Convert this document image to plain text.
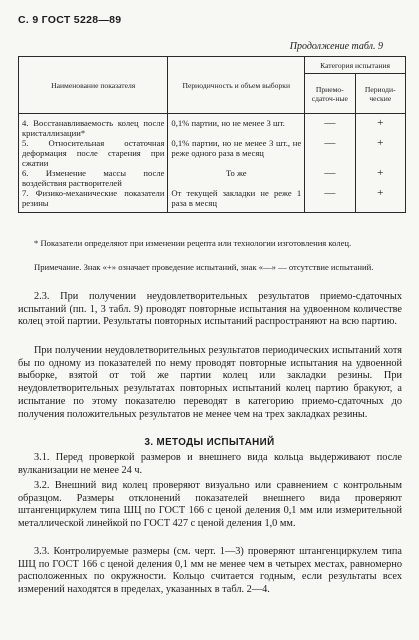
С. 9 ГОСТ 5228—89
Продолжение табл. 9
Наименование показателя	Периодичность и объем выборки	Категория испытания	
		Приемо-сдаточ-ные	Периоди-ческие
4. Восстанавливаемость колец после кристаллизации*	0,1% партии, но не менее 3 шт.	—	+
5. Относительная остаточная деформация после старения при сжатии	0,1% партии, но не менее 3 шт., не реже одного раза в месяц	—	+
6. Изменение массы после воздействия растворителей	То же	—	+
7. Физико-механические показатели резины	От текущей закладки не реже 1 раза в месяц	—	+
* Показатели определяют при изменении рецепта или технологии изготовления колец.
Примечание. Знак «+» означает проведение испытаний, знак «—» — отсутствие испытаний.
2.3. При получении неудовлетворительных результатов приемо-сдаточных испытаний (пп. 1, 3 табл. 9) проводят повторные испытания на удвоенном количестве колец этой партии. Результаты повторных испытаний распространяют на всю партию.
При получении неудовлетворительных результатов периодических испытаний хотя бы по одному из показателей по нему проводят повторные испытания на удвоенной выборке, взятой от той же партии колец или закладки резины. При неудовлетворительных результатах повторных испытаний колец партию бракуют, а испытание по этому показателю переводят в категорию приемо-сдаточных до получения положительных результатов не менее чем на трех закладках резины.
3. МЕТОДЫ ИСПЫТАНИЙ
3.1. Перед проверкой размеров и внешнего вида кольца выдерживают после вулканизации не менее 24 ч.
3.2. Внешний вид колец проверяют визуально или сравнением с контрольным образцом. Размеры отклонений показателей внешнего вида проверяют штангенциркулем типа ШЦ по ГОСТ 166 с ценой деления 0,1 мм или измерительной металлической линейкой по ГОСТ 427 с ценой деления 1,0 мм.
3.3. Контролируемые размеры (см. черт. 1—3) проверяют штангенциркулем типа ШЦ по ГОСТ 166 с ценой деления 0,1 мм не менее чем в четырех местах, равномерно расположенных по окружности. Кольцо считается годным, если результаты всех измерений находятся в пределах, указанных в табл. 2—4.
